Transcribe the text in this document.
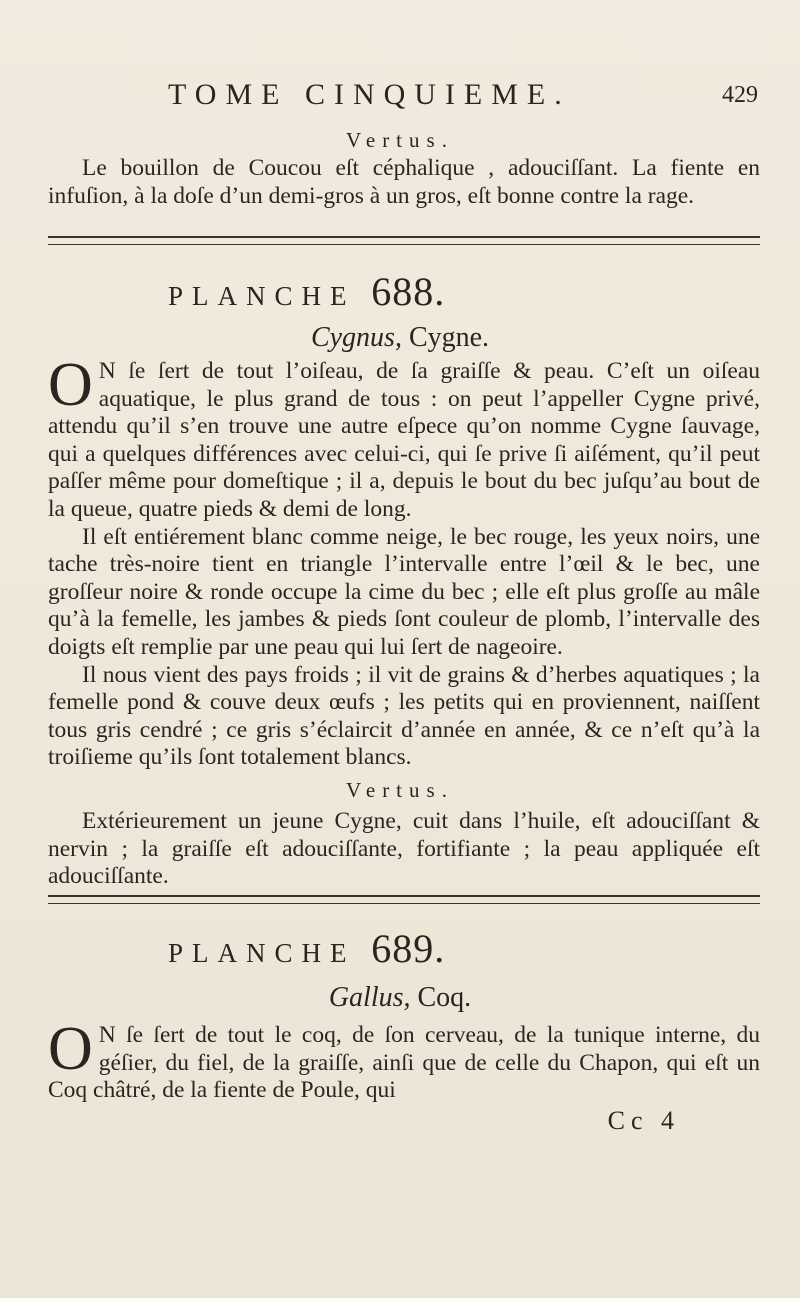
TOME CINQUIEME.	429
Vertus.

Le bouillon de Coucou eſt céphalique , adouciſſant. La fiente en infuſion, à la doſe d’un demi-gros à un gros, eſt bonne contre la rage.

PLANCHE 688.
Cygnus, Cygne.

O N ſe ſert de tout l’oiſeau, de ſa graiſſe & peau. C’eſt un oiſeau aquatique, le plus grand de tous : on peut l’appeller Cygne privé, attendu qu’il s’en trouve une autre eſpece qu’on nomme Cygne ſauvage, qui a quelques différences avec celui-ci, qui ſe prive ſi aiſément, qu’il peut paſſer même pour domeſtique ; il a, depuis le bout du bec juſqu’au bout de la queue, quatre pieds & demi de long.

Il eſt entiérement blanc comme neige, le bec rouge, les yeux noirs, une tache très-noire tient en triangle l’intervalle entre l’œil & le bec, une groſſeur noire & ronde occupe la cime du bec ; elle eſt plus groſſe au mâle qu’à la femelle, les jambes & pieds ſont couleur de plomb, l’intervalle des doigts eſt remplie par une peau qui lui ſert de nageoire.

Il nous vient des pays froids ; il vit de grains & d’herbes aquatiques ; la femelle pond & couve deux œufs ; les petits qui en proviennent, naiſſent tous gris cendré ; ce gris s’éclaircit d’année en année, & ce n’eſt qu’à la troiſieme qu’ils ſont totalement blancs.

Vertus.

Extérieurement un jeune Cygne, cuit dans l’huile, eſt adouciſſant & nervin ; la graiſſe eſt adouciſſante, fortifiante ; la peau appliquée eſt adouciſſante.

PLANCHE 689.
Gallus, Coq.

O N ſe ſert de tout le coq, de ſon cerveau, de la tunique interne, du géſier, du fiel, de la graiſſe, ainſi que de celle du Chapon, qui eſt un Coq châtré, de la fiente de Poule, qui

Cc 4
